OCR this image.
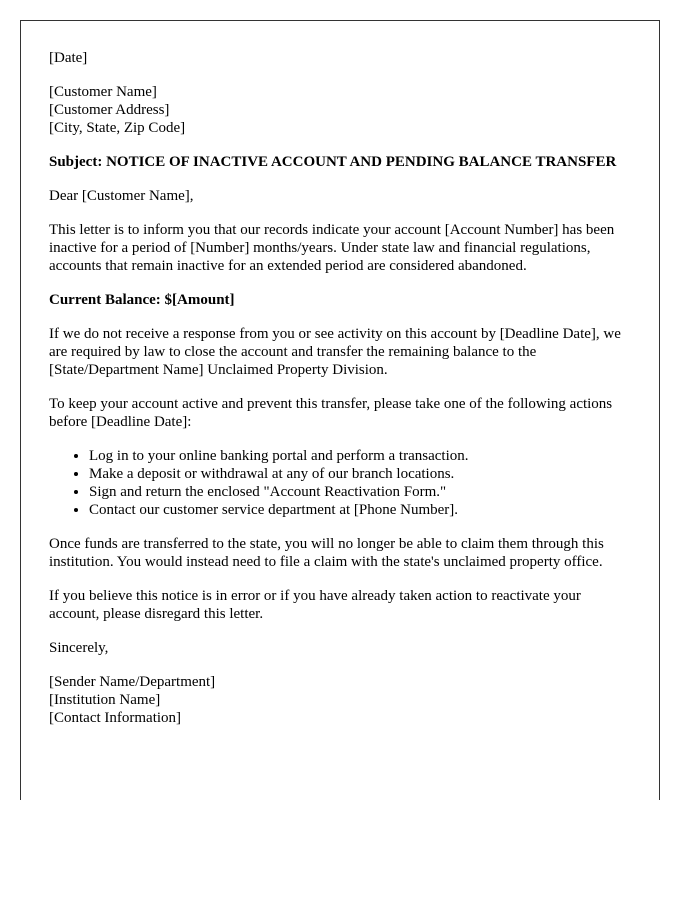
[Date]
[Customer Name]
[Customer Address]
[City, State, Zip Code]
Subject: NOTICE OF INACTIVE ACCOUNT AND PENDING BALANCE TRANSFER
Dear [Customer Name],
This letter is to inform you that our records indicate your account [Account Number] has been inactive for a period of [Number] months/years. Under state law and financial regulations, accounts that remain inactive for an extended period are considered abandoned.
Current Balance: $[Amount]
If we do not receive a response from you or see activity on this account by [Deadline Date], we are required by law to close the account and transfer the remaining balance to the [State/Department Name] Unclaimed Property Division.
To keep your account active and prevent this transfer, please take one of the following actions before [Deadline Date]:
• Log in to your online banking portal and perform a transaction.
• Make a deposit or withdrawal at any of our branch locations.
• Sign and return the enclosed "Account Reactivation Form."
• Contact our customer service department at [Phone Number].
Once funds are transferred to the state, you will no longer be able to claim them through this institution. You would instead need to file a claim with the state's unclaimed property office.
If you believe this notice is in error or if you have already taken action to reactivate your account, please disregard this letter.
Sincerely,
[Sender Name/Department]
[Institution Name]
[Contact Information]
